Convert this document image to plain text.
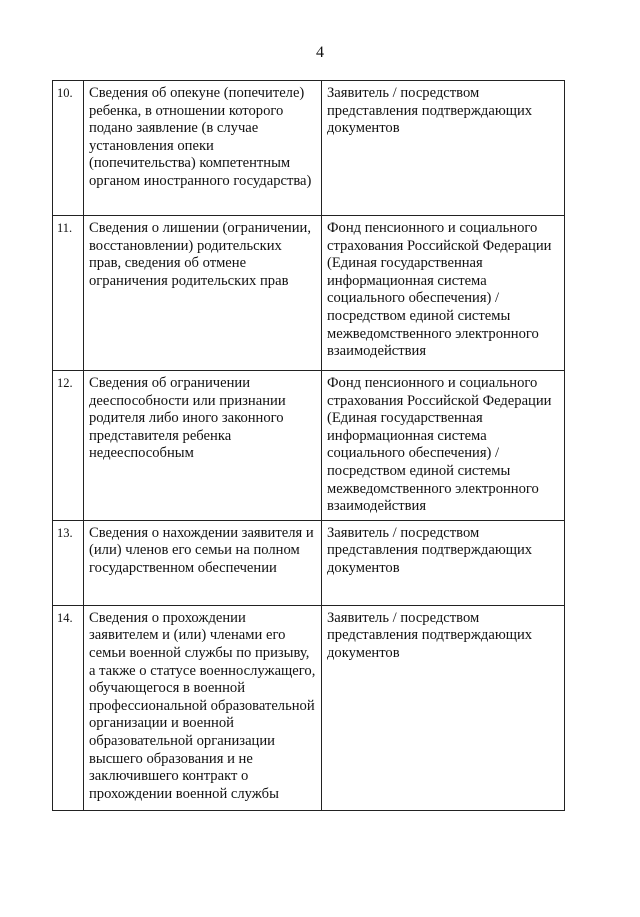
4
10.	Сведения об опекуне (попечителе) ребенка, в отношении которого подано заявление (в случае установления опеки (попечительства) компетентным органом иностранного государства)	Заявитель / посредством представления подтверждающих документов
11.	Сведения о лишении (ограничении, восстановлении) родительских прав, сведения об отмене ограничения родительских прав	Фонд пенсионного и социального страхования Российской Федерации (Единая государственная информационная система социального обеспечения) / посредством единой системы межведомственного электронного взаимодействия
12.	Сведения об ограничении дееспособности или признании родителя либо иного законного представителя ребенка недееспособным	Фонд пенсионного и социального страхования Российской Федерации (Единая государственная информационная система социального обеспечения) / посредством единой системы межведомственного электронного взаимодействия
13.	Сведения о нахождении заявителя и (или) членов его семьи на полном государственном обеспечении	Заявитель / посредством представления подтверждающих документов
14.	Сведения о прохождении заявителем и (или) членами его семьи военной службы по призыву, а также о статусе военнослужащего, обучающегося в военной профессиональной образовательной организации и военной образовательной организации высшего образования и не заключившего контракт о прохождении военной службы	Заявитель / посредством представления подтверждающих документов
